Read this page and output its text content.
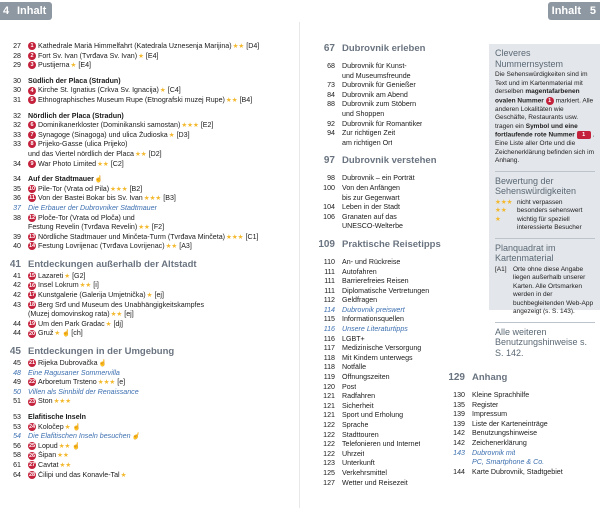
4 Inhalt	Inhalt 5
27	1 Kathedrale Mariä Himmelfahrt (Katedrala Uznesenja Marijina)★★ [D4]
28	2 Fort Sv. Ivan (Tvrđava Sv. Ivan)★ [E4]
29	3 Pustijerna★ [E4]
30 Südlich der Placa (Stradun)
30	4 Kirche St. Ignatius (Crkva Sv. Ignacija)★ [C4]
31	5 Ethnographisches Museum Rupe (Etnografski muzej Rupe)★★ [B4]
32 Nördlich der Placa (Stradun)
32	6 Dominikanerkloster (Dominikanski samostan)★★★ [E2]
33	7 Synagoge (Sinagoga) und ulica Žudioska★ [D3]
33	8 Prijeko-Gasse (ulica Prijeko)
und das Viertel nördlich der Placa★★ [D2]
34	9 War Photo Limited★★ [C2]
34 Auf der Stadtmauer☝
35	10 Pile-Tor (Vrata od Pila)★★★ [B2]
36	11 Von der Bastei Bokar bis Sv. Ivan★★★ [B3]
37 Die Erbauer der Dubrovniker Stadtmauer
38	12 Ploče-Tor (Vrata od Ploča) und
Festung Revelin (Tvrđava Revelin)★★ [F2]
39	13 Nördliche Stadtmauer und Minčeta-Turm (Tvrđava Minčeta)★★★ [C1]
40	14 Festung Lovrijenac (Tvrđava Lovrijenac)★★ [A3]
41 Entdeckungen außerhalb der Altstadt
41	15 Lazareti★ [G2]
42	16 Insel Lokrum★★ [i]
42	17 Kunstgalerie (Galerija Umjetnička)★ [ej]
43	18 Berg Srđ und Museum des Unabhängigkeitskampfes
(Muzej domovinskog rata)★★ [ej]
44	19 Um den Park Gradac★ [dj]
44	20 Gruž★ ☝[ch]
45 Entdeckungen in der Umgebung
45	21 Rijeka Dubrovačka☝
48 Eine Ragusaner Sommervilla
49	22 Arboretum Trsteno★★★ [e]
50 Villen als Sinnbild der Renaissance
51	23 Ston★★★
53 Elafitische Inseln
53	24 Koločep★ ☝
54 Die Elafitischen Inseln besuchen☝
56	25 Lopud★★ ☝
58	26 Šipan★★
61	27 Cavtat★★
64	28 Čilipi und das Konavle-Tal★
67 Dubrovnik erleben
68 Dubrovnik für Kunst-
und Museumsfreunde
73 Dubrovnik für Genießer
84 Dubrovnik am Abend
88 Dubrovnik zum Stöbern
und Shoppen
92 Dubrovnik für Romantiker
94 Zur richtigen Zeit
am richtigen Ort
97 Dubrovnik verstehen
98 Dubrovnik – ein Porträt
100 Von den Anfängen
bis zur Gegenwart
104 Leben in der Stadt
106 Granaten auf das
UNESCO-Welterbe
109 Praktische Reisetipps
110 An- und Rückreise
111 Autofahren
111 Barrierefreies Reisen
111 Diplomatische Vertretungen
112 Geldfragen
114 Dubrovnik preiswert
115 Informationsquellen
116 Unsere Literaturtipps
116 LGBT+
117 Medizinische Versorgung
118 Mit Kindern unterwegs
118 Notfälle
119 Öffnungszeiten
120 Post
121 Radfahren
121 Sicherheit
121 Sport und Erholung
122 Sprache
122 Stadttouren
122 Telefonieren und Internet
122 Uhrzeit
123 Unterkunft
125 Verkehrsmittel
127 Wetter und Reisezeit
129 Anhang
130 Kleine Sprachhilfe
135 Register
139 Impressum
139 Liste der Karteneinträge
142 Benutzungshinweise
142 Zeichenerklärung
143 Dubrovnik mit
PC, Smartphone & Co.
144 Karte Dubrovnik, Stadtgebiet
Cleveres Nummernsystem
Die Sehenswürdigkeiten sind im Text und im Kartenmaterial mit derselben magentafarbenen ovalen Nummer 1 markiert. Alle anderen Lokalitäten wie Geschäfte, Restaurants usw. tragen ein Symbol und eine fortlaufende rote Nummer 1 . Eine Liste aller Orte und die Zeichenerklärung befinden sich im Anhang.
Bewertung der Sehenswürdigkeiten
★★★ nicht verpassen
★★	besonders sehenswert
★	wichtig für speziell interessierte Besucher
Planquadrat im Kartenmaterial
[A1] Orte ohne diese Angabe liegen außerhalb unserer Karten. Alle Ortsmarken werden in der buchbegleitenden Web-App angezeigt (s. S. 143).
Alle weiteren Benutzungshinweise s. S. 142.
